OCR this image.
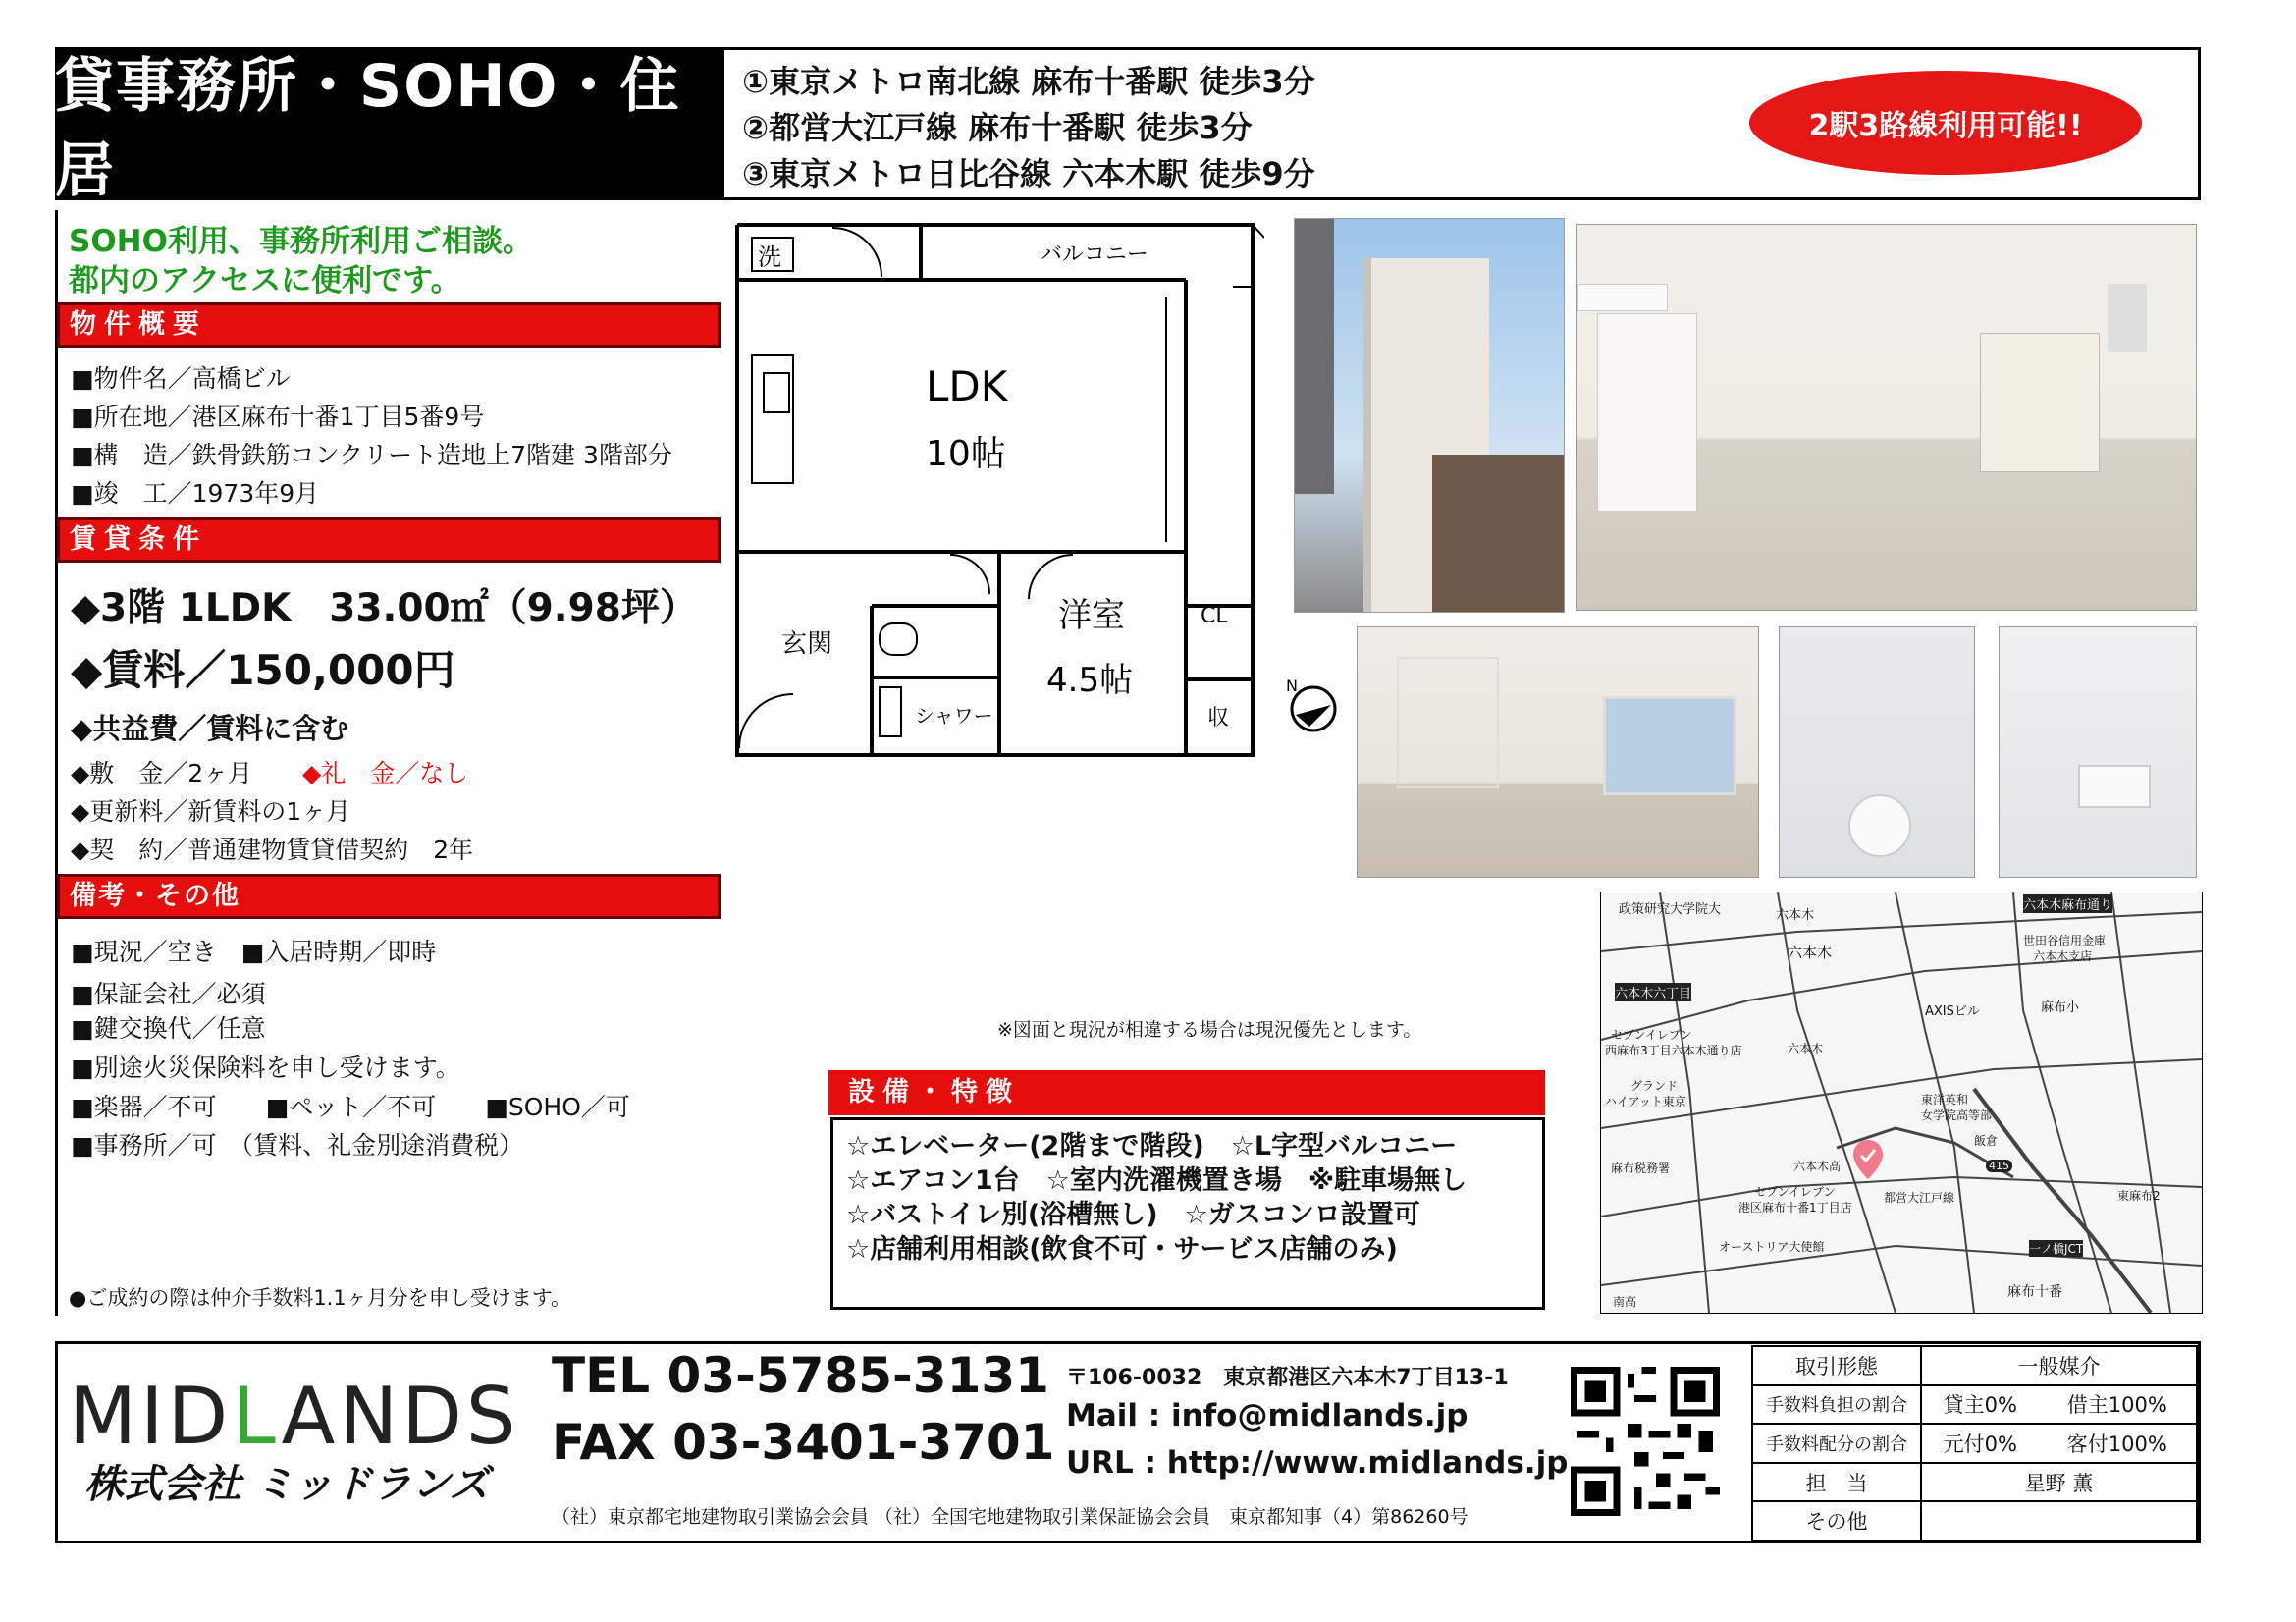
貸事務所・SOHO・住居
①東京メトロ南北線 麻布十番駅 徒歩3分
②都営大江戸線 麻布十番駅 徒歩3分
③東京メトロ日比谷線 六本木駅 徒歩9分
2駅3路線利用可能!!
SOHO利用、事務所利用ご相談。
都内のアクセスに便利です。
物件概要
■物件名／高橋ビル
■所在地／港区麻布十番1丁目5番9号
■構　造／鉄骨鉄筋コンクリート造地上7階建 3階部分
■竣　工／1973年9月
賃貸条件
◆3階 1LDK　33.00㎡（9.98坪）
◆賃料／150,000円
◆共益費／賃料に含む
◆敷　金／2ヶ月 ◆礼　金／なし
◆更新料／新賃料の1ヶ月
◆契　約／普通建物賃貸借契約　2年
備考・その他
■現況／空き　■入居時期／即時
■保証会社／必須
■鍵交換代／任意
■別途火災保険料を申し受けます。
■楽器／不可　　■ペット／不可　　■SOHO／可
■事務所／可　（賃料、礼金別途消費税）
●ご成約の際は仲介手数料1.1ヶ月分を申し受けます。
洗	バルコニー
LDK
10帖
玄関
洋室
4.5帖
CL
収
シャワー
N
※図面と現況が相違する場合は現況優先とします。
設備・特徴
☆エレベーター(2階まで階段)　☆L字型バルコニー
☆エアコン1台　☆室内洗濯機置き場　※駐車場無し
☆バストイレ別(浴槽無し)　☆ガスコンロ設置可
☆店舗利用相談(飲食不可・サービス店舗のみ)
政策研究大学院大	六本木
六本木
六本木麻布通り
世田谷信用金庫
六本木支店
六本木六丁目
AXISビル	麻布小
セブンイレブン
西麻布3丁目六本木通り店	六本木
グランド
ハイアット東京	東洋英和
女学院高等部
飯倉
麻布税務署	六本木高
セブンイレブン
港区麻布十番1丁目店
都営大江戸線	東麻布2
オーストリア大使館	一ノ橋JCT
麻布十番
南高
415
MIDLANDS
株式会社 ミッドランズ
TEL 03-5785-3131
FAX 03-3401-3701
〒106-0032　東京都港区六本木7丁目13-1
Mail : info@midlands.jp
URL : http://www.midlands.jp
（社）東京都宅地建物取引業協会会員 （社）全国宅地建物取引業保証協会会員　東京都知事（4）第86260号
取引形態	一般媒介	
手数料負担の割合	貸主0%	借主100%
手数料配分の割合	元付0%	客付100%
担　当	星野 薫	
その他		
